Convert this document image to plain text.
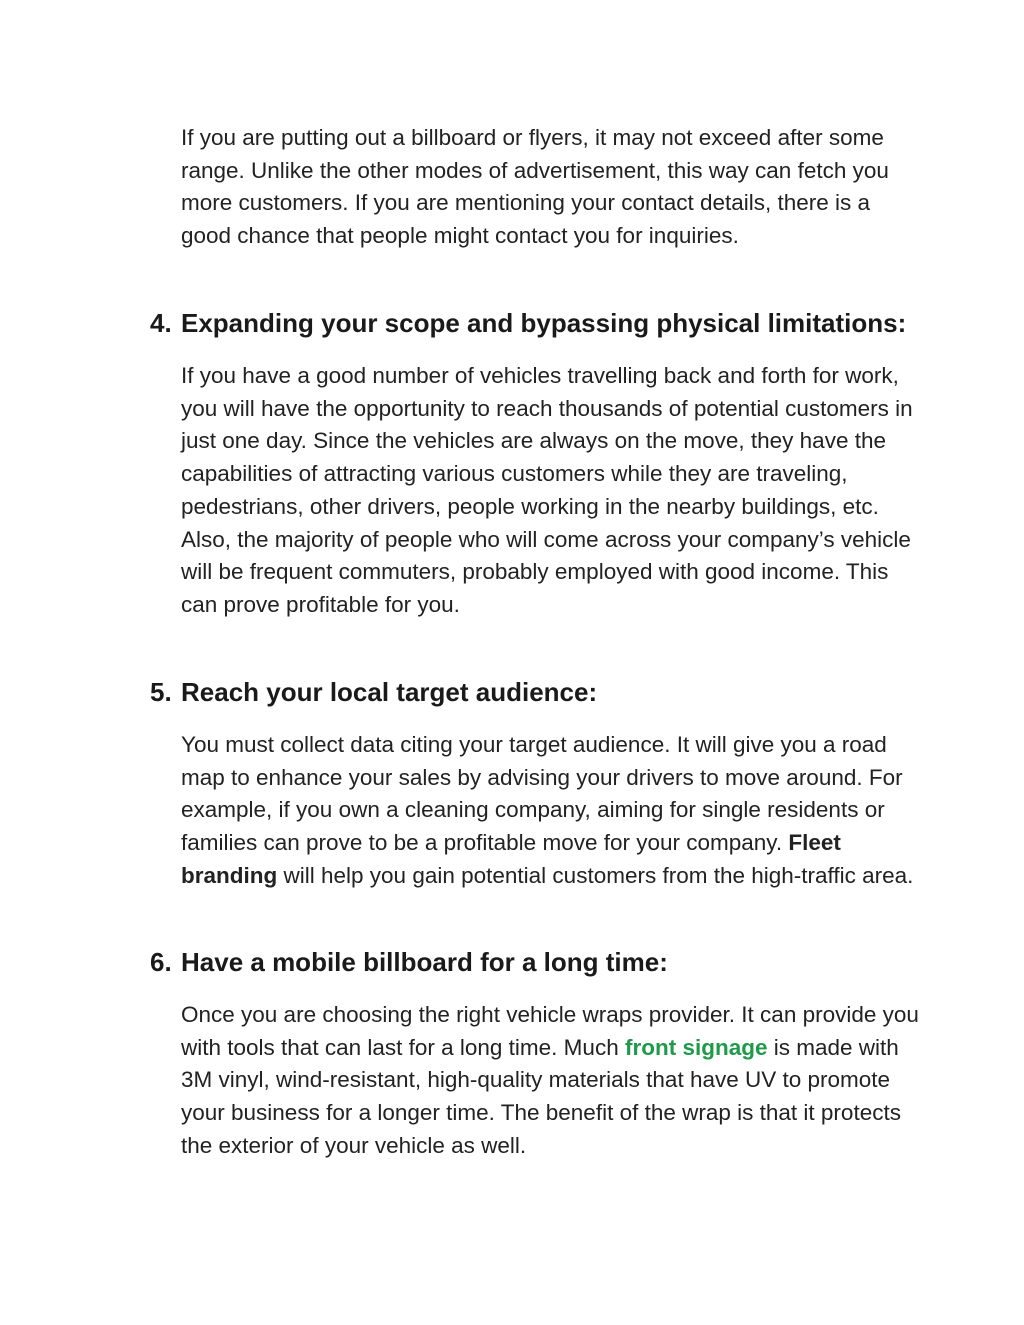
If you are putting out a billboard or flyers, it may not exceed after some range. Unlike the other modes of advertisement, this way can fetch you more customers. If you are mentioning your contact details, there is a good chance that people might contact you for inquiries.

4. Expanding your scope and bypassing physical limitations:

If you have a good number of vehicles travelling back and forth for work, you will have the opportunity to reach thousands of potential customers in just one day. Since the vehicles are always on the move, they have the capabilities of attracting various customers while they are traveling, pedestrians, other drivers, people working in the nearby buildings, etc. Also, the majority of people who will come across your company’s vehicle will be frequent commuters, probably employed with good income. This can prove profitable for you.

5. Reach your local target audience:

You must collect data citing your target audience. It will give you a road map to enhance your sales by advising your drivers to move around. For example, if you own a cleaning company, aiming for single residents or families can prove to be a profitable move for your company. Fleet branding will help you gain potential customers from the high-traffic area.

6. Have a mobile billboard for a long time:

Once you are choosing the right vehicle wraps provider. It can provide you with tools that can last for a long time. Much front signage is made with 3M vinyl, wind-resistant, high-quality materials that have UV to promote your business for a longer time. The benefit of the wrap is that it protects the exterior of your vehicle as well.
